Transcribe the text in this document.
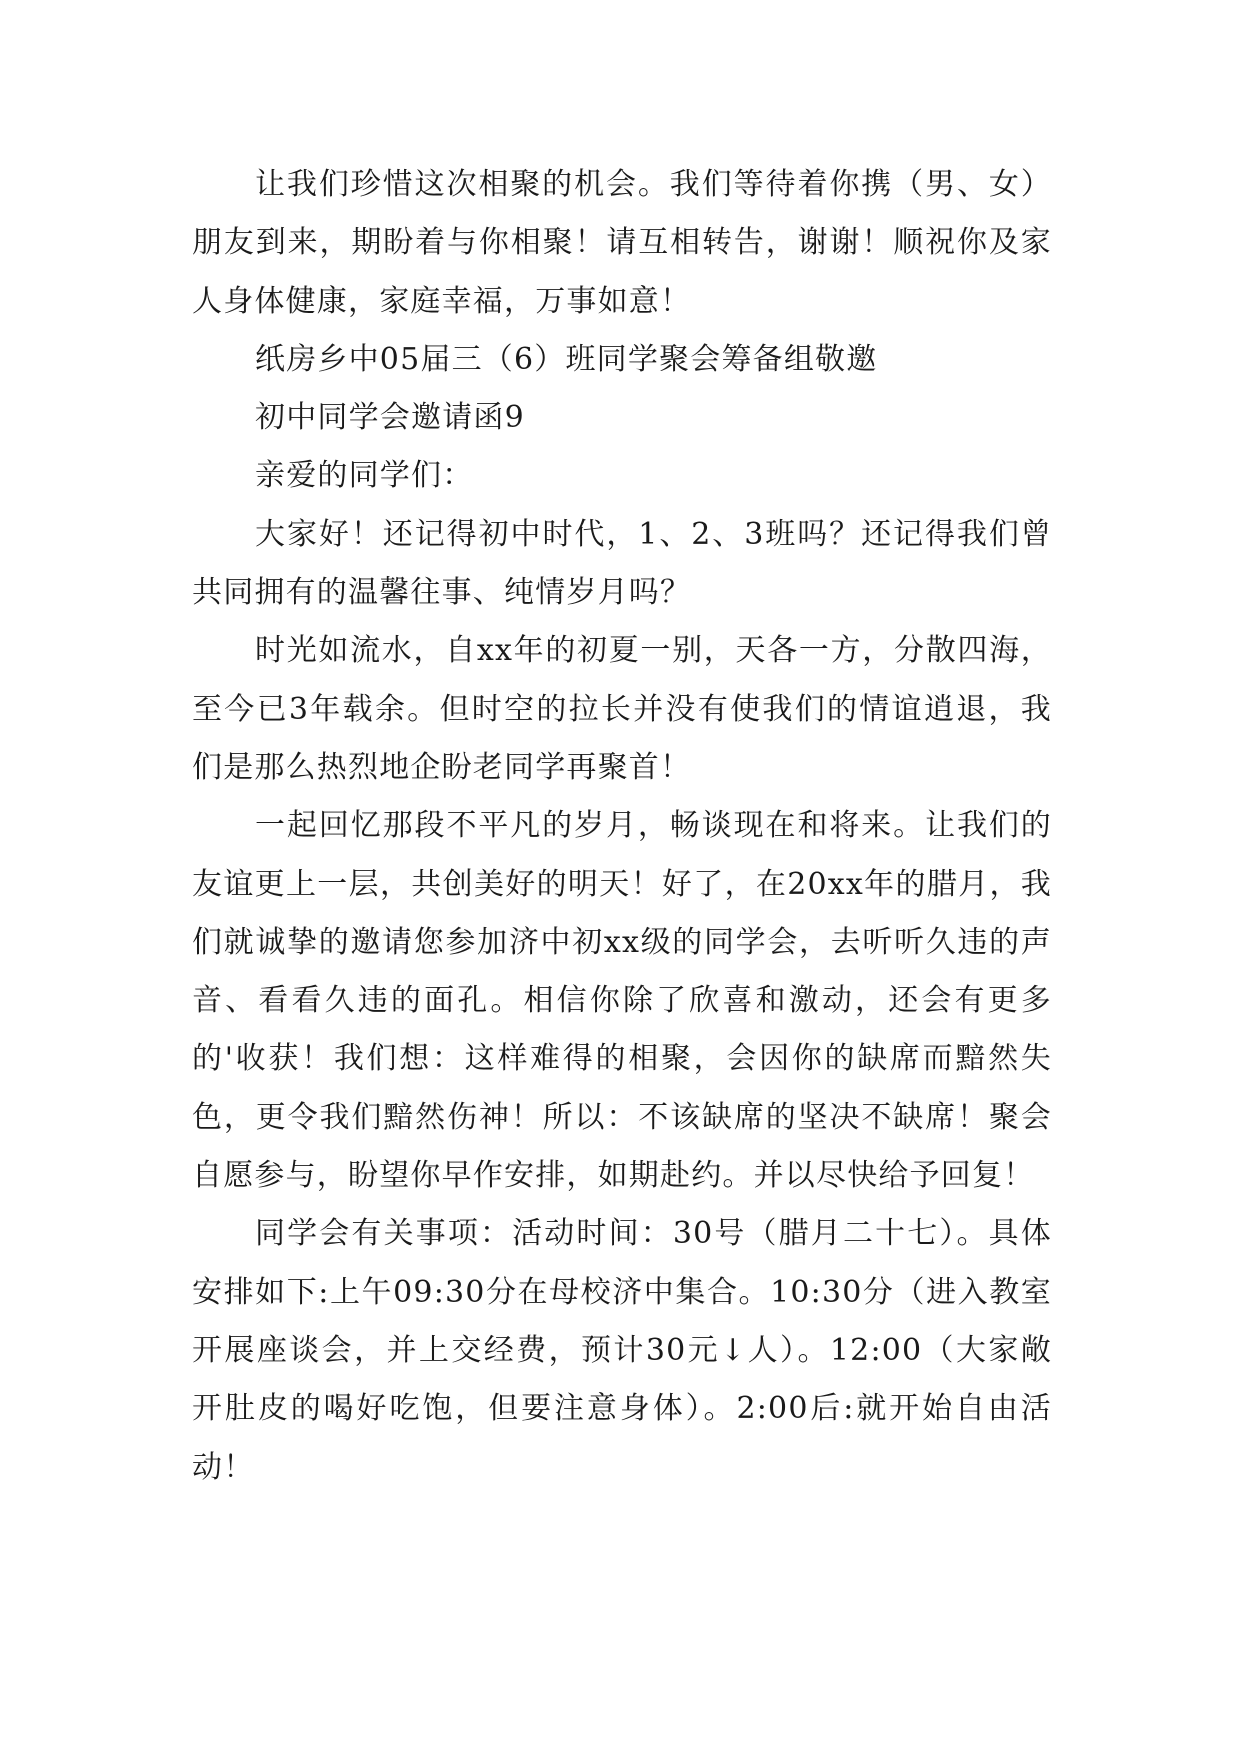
让我们珍惜这次相聚的机会。我们等待着你携（男、女）朋友到来，期盼着与你相聚！请互相转告，谢谢！顺祝你及家人身体健康，家庭幸福，万事如意！

纸房乡中05届三（6）班同学聚会筹备组敬邀

初中同学会邀请函9

亲爱的同学们：

大家好！还记得初中时代，1、2、3班吗？还记得我们曾共同拥有的温馨往事、纯情岁月吗？

时光如流水，自xx年的初夏一别，天各一方，分散四海，至今已3年载余。但时空的拉长并没有使我们的情谊逍退，我们是那么热烈地企盼老同学再聚首！

一起回忆那段不平凡的岁月，畅谈现在和将来。让我们的友谊更上一层，共创美好的明天！好了，在20xx年的腊月，我们就诚挚的邀请您参加济中初xx级的同学会，去听听久违的声音、看看久违的面孔。相信你除了欣喜和激动，还会有更多的'收获！我们想：这样难得的相聚，会因你的缺席而黯然失色，更令我们黯然伤神！所以：不该缺席的坚决不缺席！聚会自愿参与，盼望你早作安排，如期赴约。并以尽快给予回复！

同学会有关事项：活动时间：30号（腊月二十七）。具体安排如下:上午09:30分在母校济中集合。10:30分（进入教室开展座谈会，并上交经费，预计30元↓人）。12:00（大家敞开肚皮的喝好吃饱，但要注意身体）。2:00后:就开始自由活动！
